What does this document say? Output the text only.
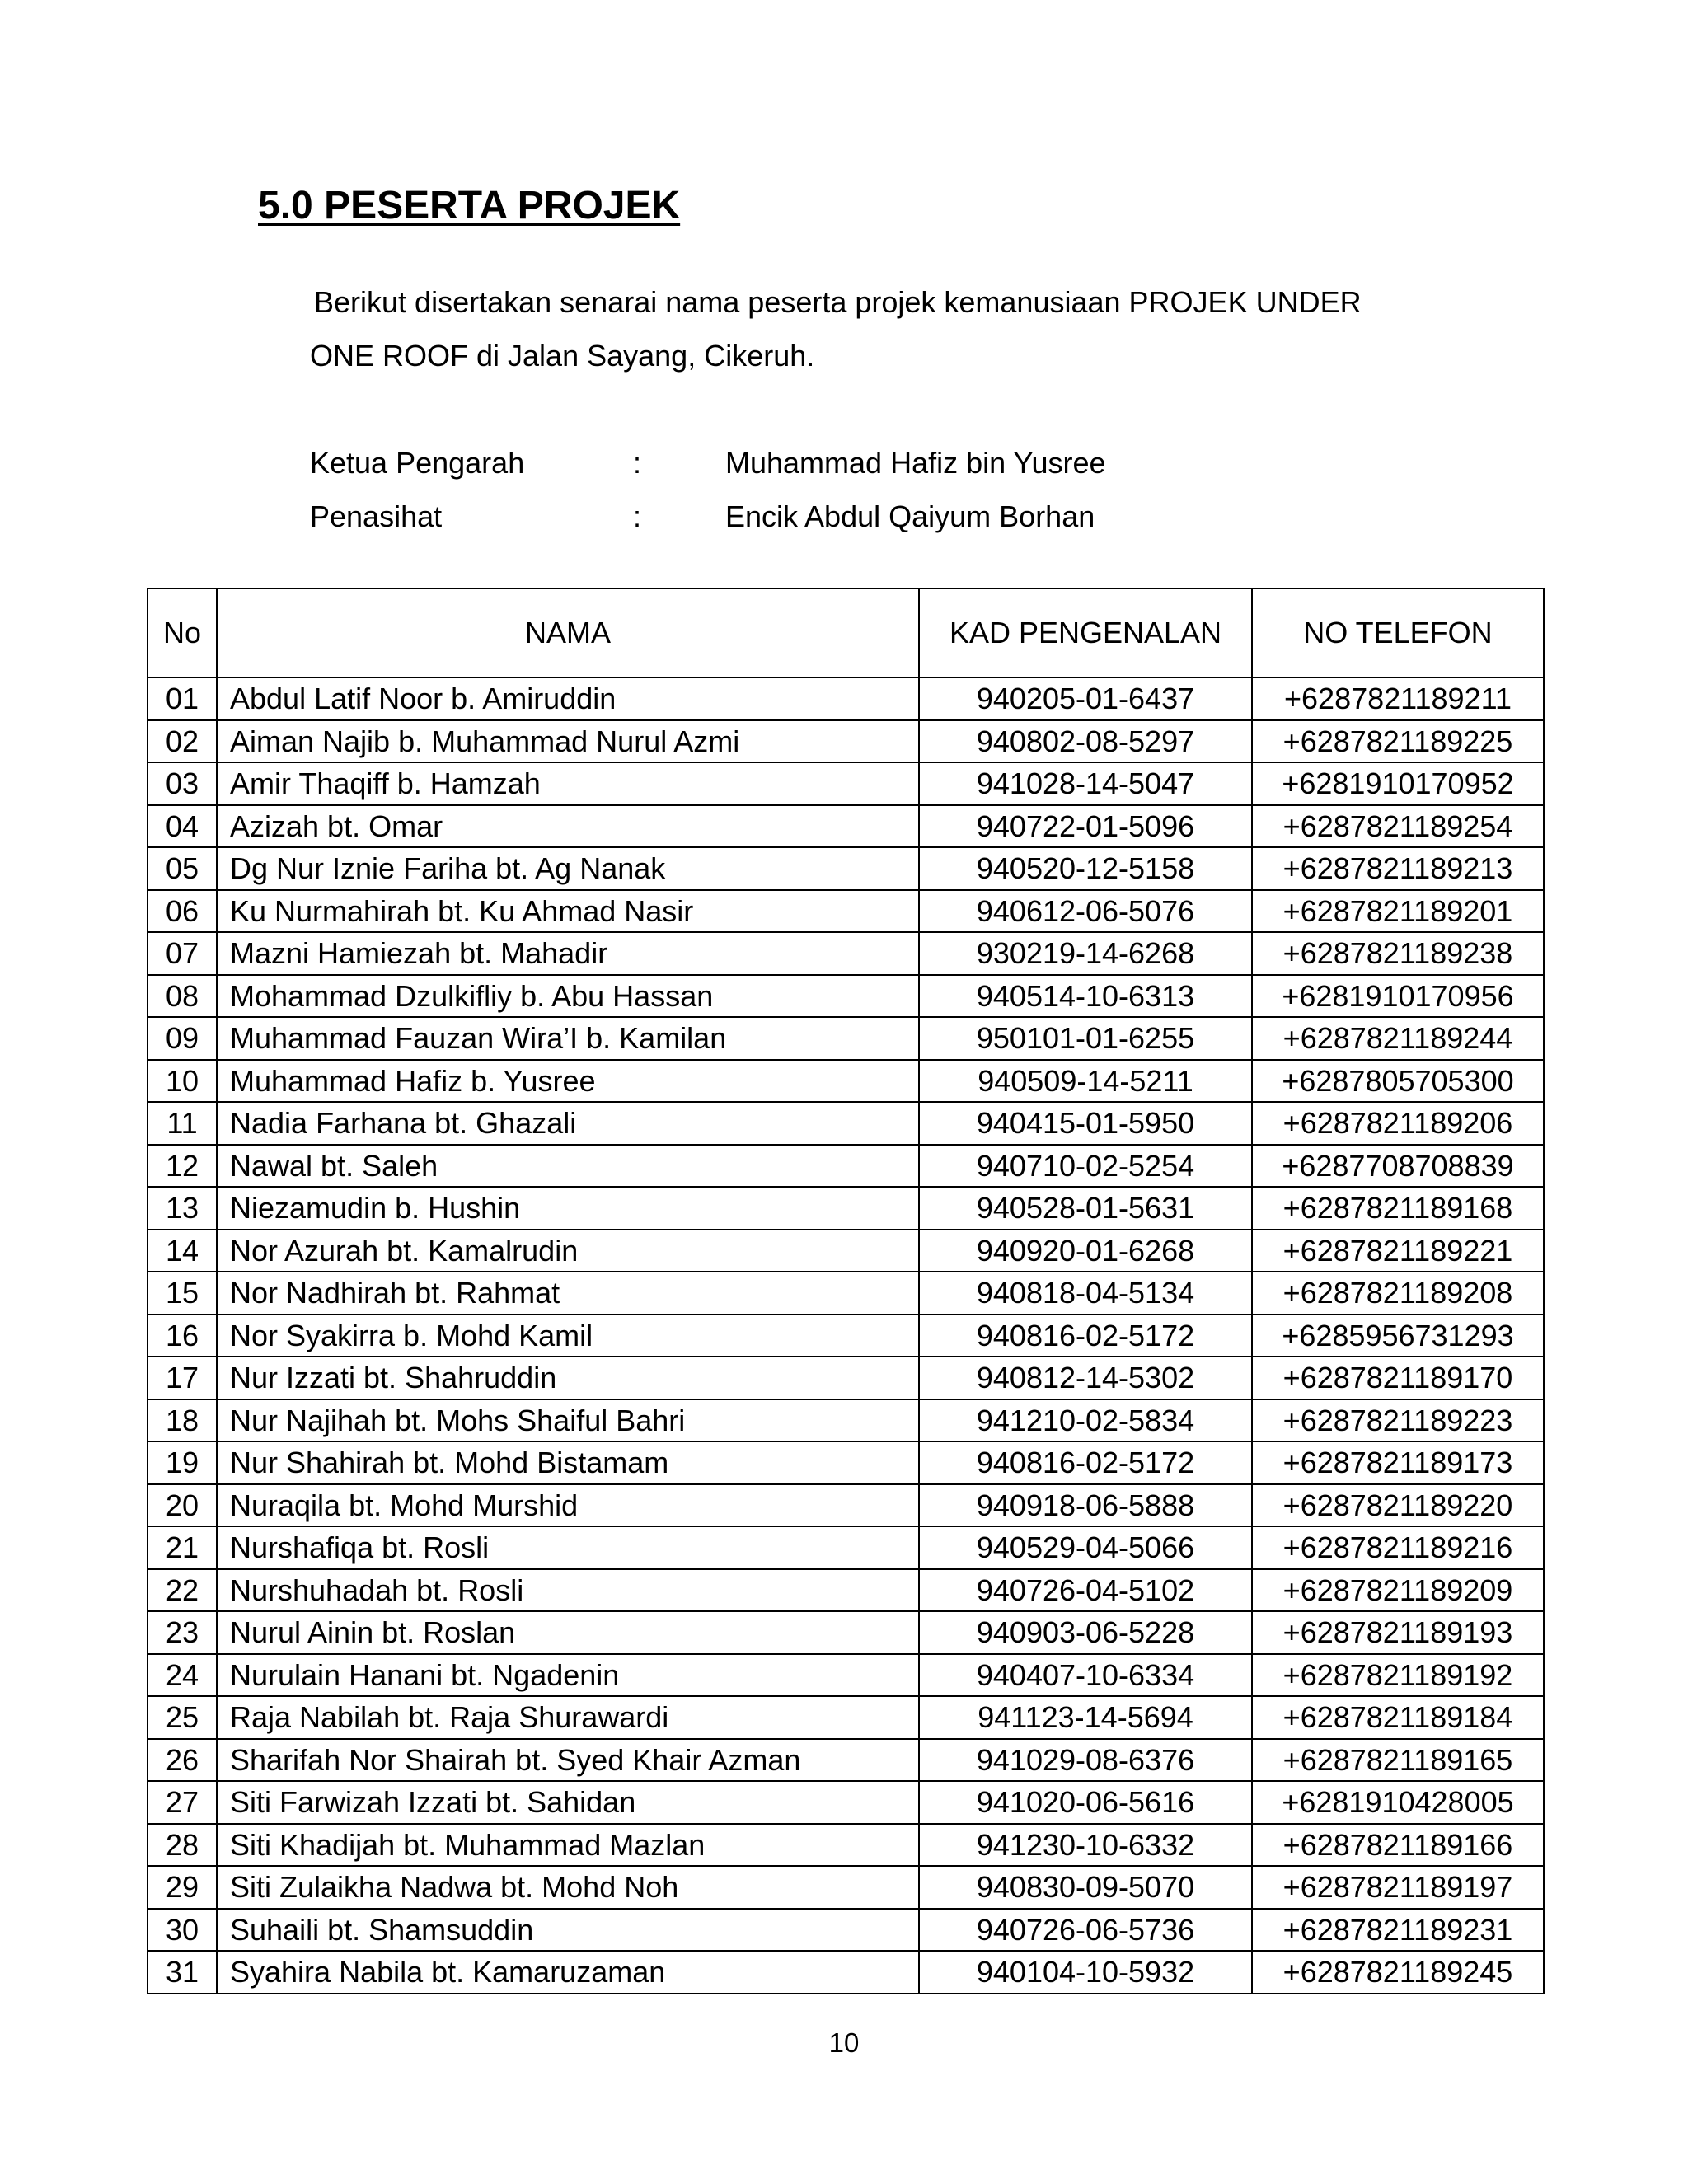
5.0 PESERTA PROJEK

Berikut disertakan senarai nama peserta projek kemanusiaan PROJEK UNDER

ONE ROOF di Jalan Sayang, Cikeruh.

Ketua Pengarah	:	Muhammad Hafiz bin Yusree
Penasihat	:	Encik Abdul Qaiyum Borhan
No	NAMA	KAD PENGENALAN	NO TELEFON
01	Abdul Latif Noor b. Amiruddin	940205-01-6437	+6287821189211
02	Aiman Najib b. Muhammad Nurul Azmi	940802-08-5297	+6287821189225
03	Amir Thaqiff b. Hamzah	941028-14-5047	+6281910170952
04	Azizah bt. Omar	940722-01-5096	+6287821189254
05	Dg Nur Iznie Fariha bt. Ag Nanak	940520-12-5158	+6287821189213
06	Ku Nurmahirah bt. Ku Ahmad Nasir	940612-06-5076	+6287821189201
07	Mazni Hamiezah bt. Mahadir	930219-14-6268	+6287821189238
08	Mohammad Dzulkifliy b. Abu Hassan	940514-10-6313	+6281910170956
09	Muhammad Fauzan Wira’I b. Kamilan	950101-01-6255	+6287821189244
10	Muhammad Hafiz b. Yusree	940509-14-5211	+6287805705300
11	Nadia Farhana bt. Ghazali	940415-01-5950	+6287821189206
12	Nawal bt. Saleh	940710-02-5254	+6287708708839
13	Niezamudin b. Hushin	940528-01-5631	+6287821189168
14	Nor Azurah bt. Kamalrudin	940920-01-6268	+6287821189221
15	Nor Nadhirah bt. Rahmat	940818-04-5134	+6287821189208
16	Nor Syakirra b. Mohd Kamil	940816-02-5172	+6285956731293
17	Nur Izzati bt. Shahruddin	940812-14-5302	+6287821189170
18	Nur Najihah bt. Mohs Shaiful Bahri	941210-02-5834	+6287821189223
19	Nur Shahirah bt. Mohd Bistamam	940816-02-5172	+6287821189173
20	Nuraqila bt. Mohd Murshid	940918-06-5888	+6287821189220
21	Nurshafiqa bt. Rosli	940529-04-5066	+6287821189216
22	Nurshuhadah bt. Rosli	940726-04-5102	+6287821189209
23	Nurul Ainin bt. Roslan	940903-06-5228	+6287821189193
24	Nurulain Hanani bt. Ngadenin	940407-10-6334	+6287821189192
25	Raja Nabilah bt. Raja Shurawardi	941123-14-5694	+6287821189184
26	Sharifah Nor Shairah bt. Syed Khair Azman	941029-08-6376	+6287821189165
27	Siti Farwizah Izzati bt. Sahidan	941020-06-5616	+6281910428005
28	Siti Khadijah bt. Muhammad Mazlan	941230-10-6332	+6287821189166
29	Siti Zulaikha Nadwa bt. Mohd Noh	940830-09-5070	+6287821189197
30	Suhaili bt. Shamsuddin	940726-06-5736	+6287821189231
31	Syahira Nabila bt. Kamaruzaman	940104-10-5932	+6287821189245
10
